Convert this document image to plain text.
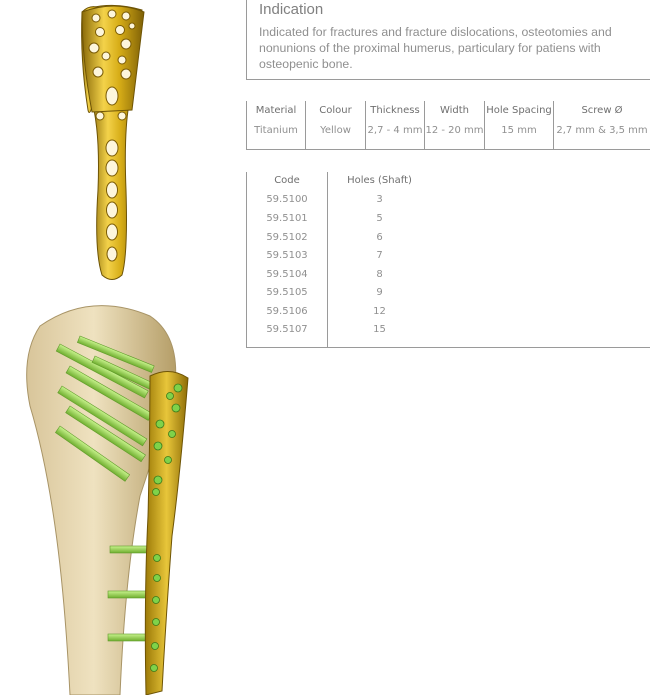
Indication
Indicated for fractures and fracture dislocations, osteotomies and nonunions of the proximal humerus, particulary for patiens with osteopenic bone.
Material
Titanium
Colour
Yellow
Thickness
2,7 - 4 mm
Width
12 - 20 mm
Hole Spacing
15 mm
Screw Ø
2,7 mm & 3,5 mm
Code
59.5100
59.5101
59.5102
59.5103
59.5104
59.5105
59.5106
59.5107
Holes (Shaft)
3
5
6
7
8
9
12
15
